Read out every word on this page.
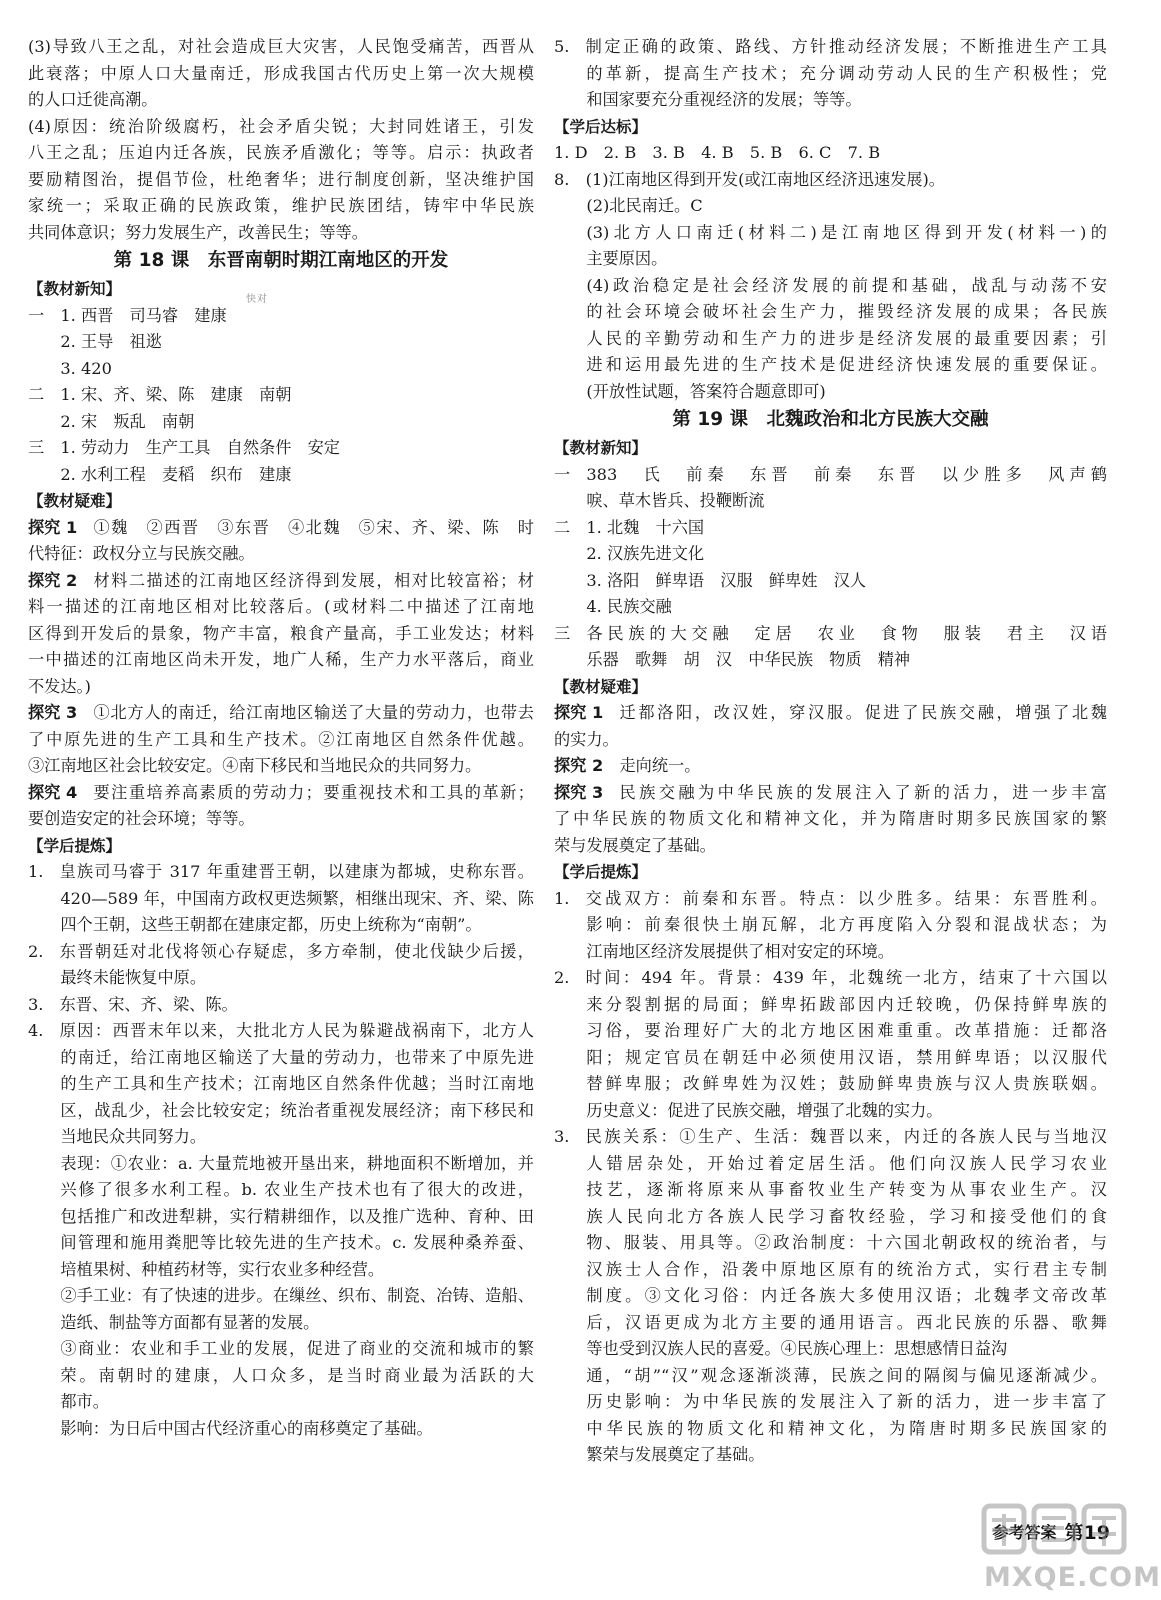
(3)导致八王之乱，对社会造成巨大灾害，人民饱受痛苦，西晋从
此衰落；中原人口大量南迁，形成我国古代历史上第一次大规模
的人口迁徙高潮。
(4)原因：统治阶级腐朽，社会矛盾尖锐；大封同姓诸王，引发
八王之乱；压迫内迁各族，民族矛盾激化；等等。启示：执政者
要励精图治，提倡节俭，杜绝奢华；进行制度创新，坚决维护国
家统一；采取正确的民族政策，维护民族团结，铸牢中华民族
共同体意识；努力发展生产，改善民生；等等。
第 18 课　东晋南朝时期江南地区的开发
【教材新知】
一　 1. 西晋　司马睿　建康

2. 王导　祖逖

3. 420
二　 1. 宋、齐、梁、陈　建康　南朝

2. 宋　叛乱　南朝
三　 1. 劳动力　生产工具　自然条件　安定

2. 水利工程　麦稻　织布　建康
【教材疑难】
探究 1　 ①魏　②西晋　③东晋　④北魏　⑤宋、齐、梁、陈　时
代特征：政权分立与民族交融。
探究 2　 材料二描述的江南地区经济得到发展，相对比较富裕；材
料一描述的江南地区相对比较落后。(或材料二中描述了江南地
区得到开发后的景象，物产丰富，粮食产量高，手工业发达；材料
一中描述的江南地区尚未开发，地广人稀，生产力水平落后，商业
不发达。)
探究 3　 ①北方人的南迁，给江南地区输送了大量的劳动力，也带去
了中原先进的生产工具和生产技术。②江南地区自然条件优越。
③江南地区社会比较安定。④南下移民和当地民众的共同努力。
探究 4　 要注重培养高素质的劳动力；要重视技术和工具的革新；
要创造安定的社会环境；等等。
【学后提炼】
1.　 皇族司马睿于 317 年重建晋王朝，以建康为都城，史称东晋。

420—589 年，中国南方政权更迭频繁，相继出现宋、齐、梁、陈

四个王朝，这些王朝都在建康定都，历史上统称为“南朝”。
2.　 东晋朝廷对北伐将领心存疑虑，多方牵制，使北伐缺少后援，

最终未能恢复中原。
3.　 东晋、宋、齐、梁、陈。
4.　 原因：西晋末年以来，大批北方人民为躲避战祸南下，北方人

的南迁，给江南地区输送了大量的劳动力，也带来了中原先进

的生产工具和生产技术；江南地区自然条件优越；当时江南地

区，战乱少，社会比较安定；统治者重视发展经济；南下移民和

当地民众共同努力。

表现：①农业：a. 大量荒地被开垦出来，耕地面积不断增加，并

兴修了很多水利工程。b. 农业生产技术也有了很大的改进，

包括推广和改进犁耕，实行精耕细作，以及推广选种、育种、田

间管理和施用粪肥等比较先进的生产技术。c. 发展种桑养蚕、

培植果树、种植药材等，实行农业多种经营。

②手工业：有了快速的进步。在缫丝、织布、制瓷、冶铸、造船、

造纸、制盐等方面都有显著的发展。

③商业：农业和手工业的发展，促进了商业的交流和城市的繁

荣。南朝时的建康，人口众多，是当时商业最为活跃的大

都市。

影响：为日后中国古代经济重心的南移奠定了基础。
5.　 制定正确的政策、路线、方针推动经济发展；不断推进生产工具

的革新，提高生产技术；充分调动劳动人民的生产积极性；党

和国家要充分重视经济的发展；等等。
【学后达标】
1. D　2. B　3. B　4. B　5. B　6. C　7. B
8.　 (1)江南地区得到开发(或江南地区经济迅速发展)。

(2)北民南迁。C

(3)北方人口南迁(材料二)是江南地区得到开发(材料一)的

主要原因。

(4)政治稳定是社会经济发展的前提和基础，战乱与动荡不安

的社会环境会破坏社会生产力，摧毁经济发展的成果；各民族

人民的辛勤劳动和生产力的进步是经济发展的最重要因素；引

进和运用最先进的生产技术是促进经济快速发展的重要保证。

(开放性试题，答案符合题意即可)
第 19 课　北魏政治和北方民族大交融
【教材新知】
一　 383　氏　前秦　东晋　前秦　东晋　以少胜多　风声鹤

唳、草木皆兵、投鞭断流
二　 1. 北魏　十六国

2. 汉族先进文化

3. 洛阳　鲜卑语　汉服　鲜卑姓　汉人

4. 民族交融
三　 各民族的大交融　定居　农业　食物　服装　君主　汉语

乐器　歌舞　胡　汉　中华民族　物质　精神
【教材疑难】
探究 1　 迁都洛阳，改汉姓，穿汉服。促进了民族交融，增强了北魏
的实力。
探究 2　 走向统一。
探究 3　 民族交融为中华民族的发展注入了新的活力，进一步丰富
了中华民族的物质文化和精神文化，并为隋唐时期多民族国家的繁
荣与发展奠定了基础。
【学后提炼】
1.　 交战双方：前秦和东晋。特点：以少胜多。结果：东晋胜利。

影响：前秦很快土崩瓦解，北方再度陷入分裂和混战状态；为

江南地区经济发展提供了相对安定的环境。
2.　 时间：494 年。背景：439 年，北魏统一北方，结束了十六国以

来分裂割据的局面；鲜卑拓跋部因内迁较晚，仍保持鲜卑族的

习俗，要治理好广大的北方地区困难重重。改革措施：迁都洛

阳；规定官员在朝廷中必须使用汉语，禁用鲜卑语；以汉服代

替鲜卑服；改鲜卑姓为汉姓；鼓励鲜卑贵族与汉人贵族联姻。

历史意义：促进了民族交融，增强了北魏的实力。
3.　 民族关系：①生产、生活：魏晋以来，内迁的各族人民与当地汉

人错居杂处，开始过着定居生活。他们向汉族人民学习农业

技艺，逐渐将原来从事畜牧业生产转变为从事农业生产。汉

族人民向北方各族人民学习畜牧经验，学习和接受他们的食

物、服装、用具等。②政治制度：十六国北朝政权的统治者，与

汉族士人合作，沿袭中原地区原有的统治方式，实行君主专制

制度。③文化习俗：内迁各族大多使用汉语；北魏孝文帝改革

后，汉语更成为北方主要的通用语言。西北民族的乐器、歌舞

等也受到汉族人民的喜爱。④民族心理上：思想感情日益沟

通，“胡”“汉”观念逐渐淡薄，民族之间的隔阂与偏见逐渐减少。

历史影响：为中华民族的发展注入了新的活力，进一步丰富了

中华民族的物质文化和精神文化，为隋唐时期多民族国家的

繁荣与发展奠定了基础。
快对
参考答案 第19
MXQE.COM
